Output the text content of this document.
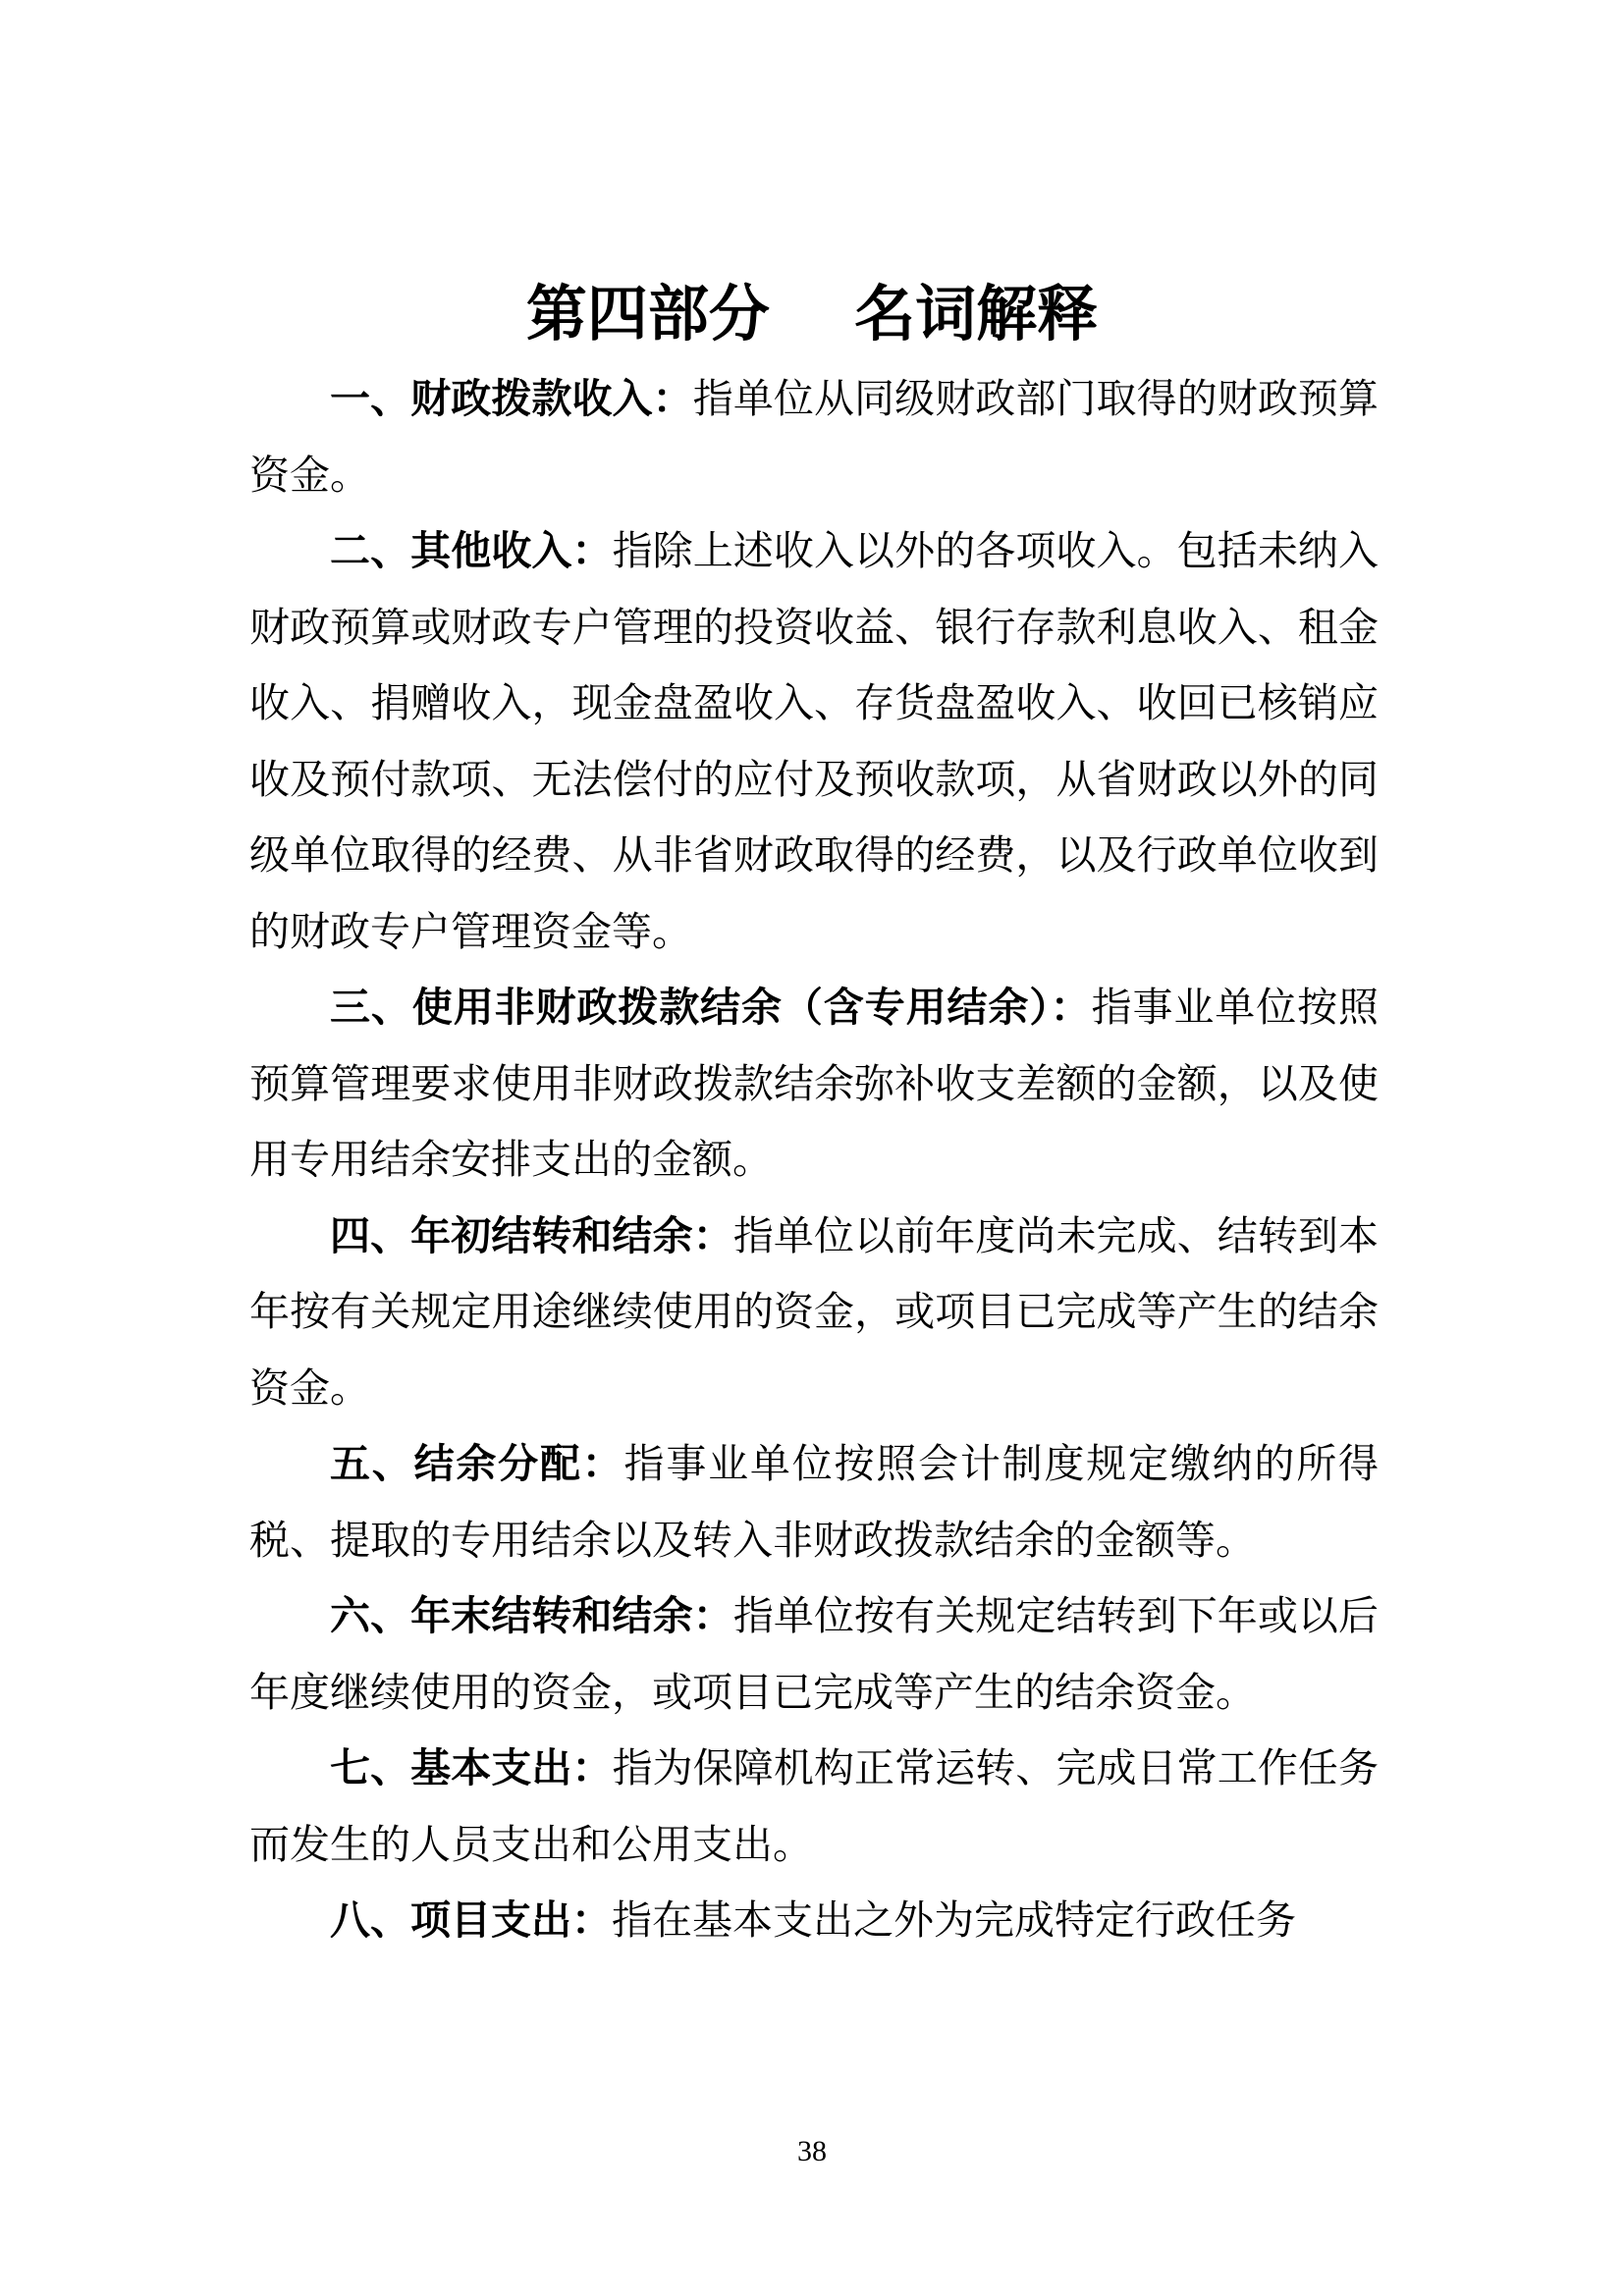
第四部分    名词解释

一、财政拨款收入：指单位从同级财政部门取得的财政预算资金。

二、其他收入：指除上述收入以外的各项收入。包括未纳入财政预算或财政专户管理的投资收益、银行存款利息收入、租金收入、捐赠收入，现金盘盈收入、存货盘盈收入、收回已核销应收及预付款项、无法偿付的应付及预收款项，从省财政以外的同级单位取得的经费、从非省财政取得的经费，以及行政单位收到的财政专户管理资金等。

三、使用非财政拨款结余（含专用结余）：指事业单位按照预算管理要求使用非财政拨款结余弥补收支差额的金额，以及使用专用结余安排支出的金额。

四、年初结转和结余：指单位以前年度尚未完成、结转到本年按有关规定用途继续使用的资金，或项目已完成等产生的结余资金。

五、结余分配：指事业单位按照会计制度规定缴纳的所得税、提取的专用结余以及转入非财政拨款结余的金额等。

六、年末结转和结余：指单位按有关规定结转到下年或以后年度继续使用的资金，或项目已完成等产生的结余资金。

七、基本支出：指为保障机构正常运转、完成日常工作任务而发生的人员支出和公用支出。

八、项目支出：指在基本支出之外为完成特定行政任务

38
